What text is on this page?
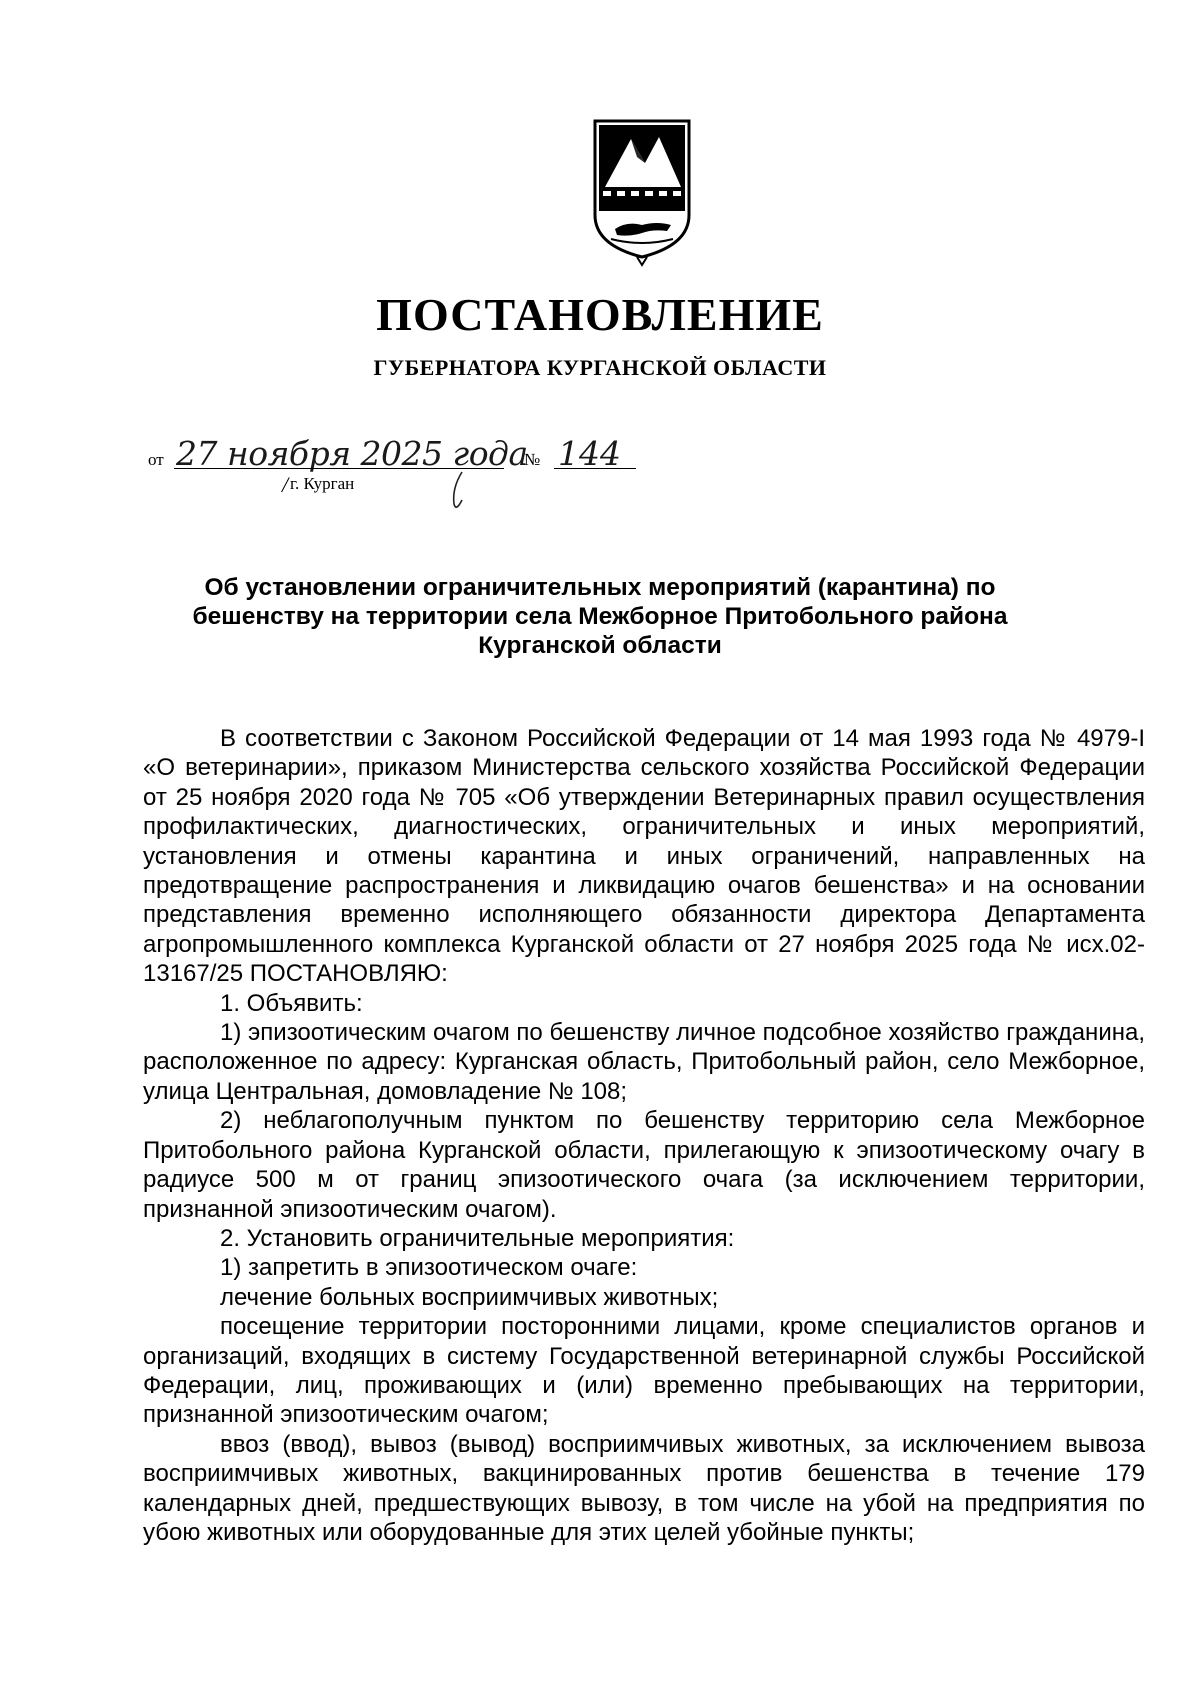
ПОСТАНОВЛЕНИЕ
ГУБЕРНАТОРА КУРГАНСКОЙ ОБЛАСТИ
от 27 ноября 2025 года
№ 144
/ г. Курган
Об установлении ограничительных мероприятий (карантина) по бешенству на территории села Межборное Притобольного района Курганской области

В соответствии с Законом Российской Федерации от 14 мая 1993 года № 4979-I «О ветеринарии», приказом Министерства сельского хозяйства Российской Федерации от 25 ноября 2020 года № 705 «Об утверждении Ветеринарных правил осуществления профилактических, диагностических, ограничительных и иных мероприятий, установления и отмены карантина и иных ограничений, направленных на предотвращение распространения и ликвидацию очагов бешенства» и на основании представления временно исполняющего обязанности директора Департамента агропромышленного комплекса Курганской области от 27 ноября 2025 года № исх.02-13167/25 ПОСТАНОВЛЯЮ:

1. Объявить:

1) эпизоотическим очагом по бешенству личное подсобное хозяйство гражданина, расположенное по адресу: Курганская область, Притобольный район, село Межборное, улица Центральная, домовладение № 108;

2) неблагополучным пунктом по бешенству территорию села Межборное Притобольного района Курганской области, прилегающую к эпизоотическому очагу в радиусе 500 м от границ эпизоотического очага (за исключением территории, признанной эпизоотическим очагом).

2. Установить ограничительные мероприятия:

1) запретить в эпизоотическом очаге:

лечение больных восприимчивых животных;

посещение территории посторонними лицами, кроме специалистов органов и организаций, входящих в систему Государственной ветеринарной службы Российской Федерации, лиц, проживающих и (или) временно пребывающих на территории, признанной эпизоотическим очагом;

ввоз (ввод), вывоз (вывод) восприимчивых животных, за исключением вывоза восприимчивых животных, вакцинированных против бешенства в течение 179 календарных дней, предшествующих вывозу, в том числе на убой на предприятия по убою животных или оборудованные для этих целей убойные пункты;
